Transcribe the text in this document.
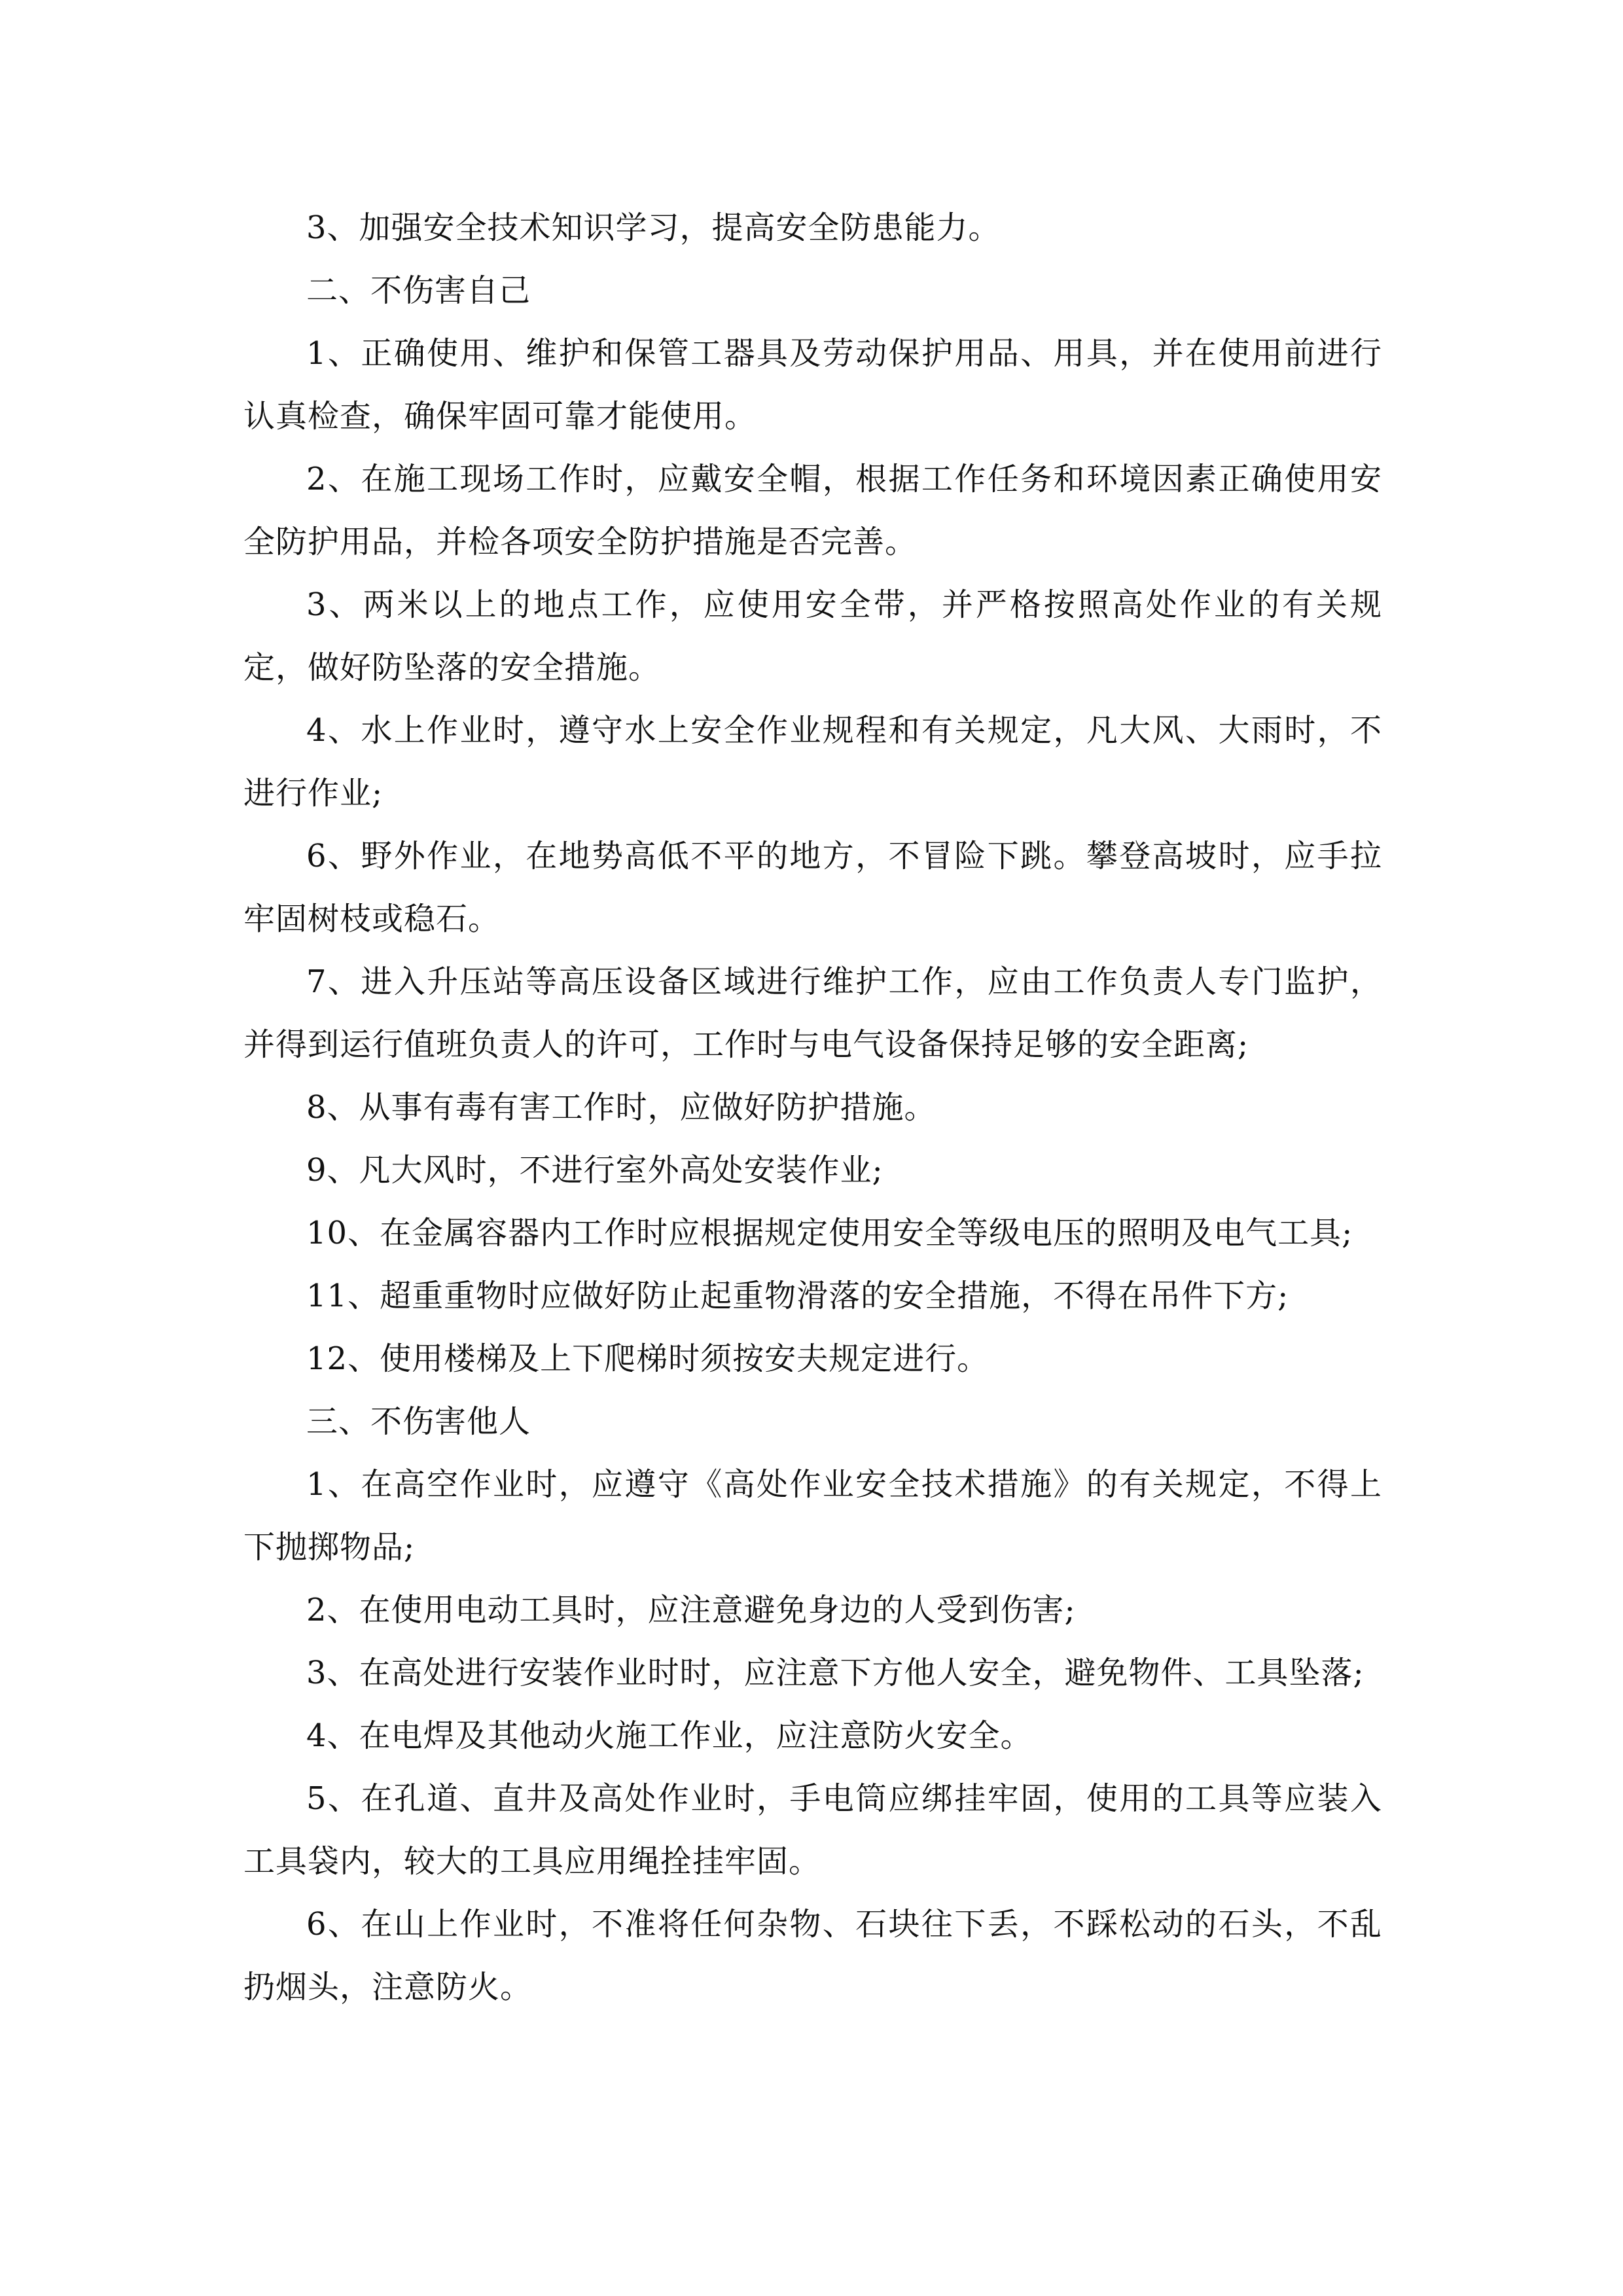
3、加强安全技术知识学习，提高安全防患能力。

二、不伤害自己

1、正确使用、维护和保管工器具及劳动保护用品、用具，并在使用前进行认真检查，确保牢固可靠才能使用。

2、在施工现场工作时，应戴安全帽，根据工作任务和环境因素正确使用安全防护用品，并检各项安全防护措施是否完善。

3、两米以上的地点工作，应使用安全带，并严格按照高处作业的有关规定，做好防坠落的安全措施。

4、水上作业时，遵守水上安全作业规程和有关规定，凡大风、大雨时，不进行作业;

6、野外作业，在地势高低不平的地方，不冒险下跳。攀登高坡时，应手拉牢固树枝或稳石。

7、进入升压站等高压设备区域进行维护工作，应由工作负责人专门监护，并得到运行值班负责人的许可，工作时与电气设备保持足够的安全距离;

8、从事有毒有害工作时，应做好防护措施。

9、凡大风时，不进行室外高处安装作业;

10、在金属容器内工作时应根据规定使用安全等级电压的照明及电气工具;

11、超重重物时应做好防止起重物滑落的安全措施，不得在吊件下方;

12、使用楼梯及上下爬梯时须按安夫规定进行。

三、不伤害他人

1、在高空作业时，应遵守《高处作业安全技术措施》的有关规定，不得上下抛掷物品;

2、在使用电动工具时，应注意避免身边的人受到伤害;

3、在高处进行安装作业时时，应注意下方他人安全，避免物件、工具坠落;

4、在电焊及其他动火施工作业，应注意防火安全。

5、在孔道、直井及高处作业时，手电筒应绑挂牢固，使用的工具等应装入工具袋内，较大的工具应用绳拴挂牢固。

6、在山上作业时，不准将任何杂物、石块往下丢，不踩松动的石头，不乱扔烟头，注意防火。
